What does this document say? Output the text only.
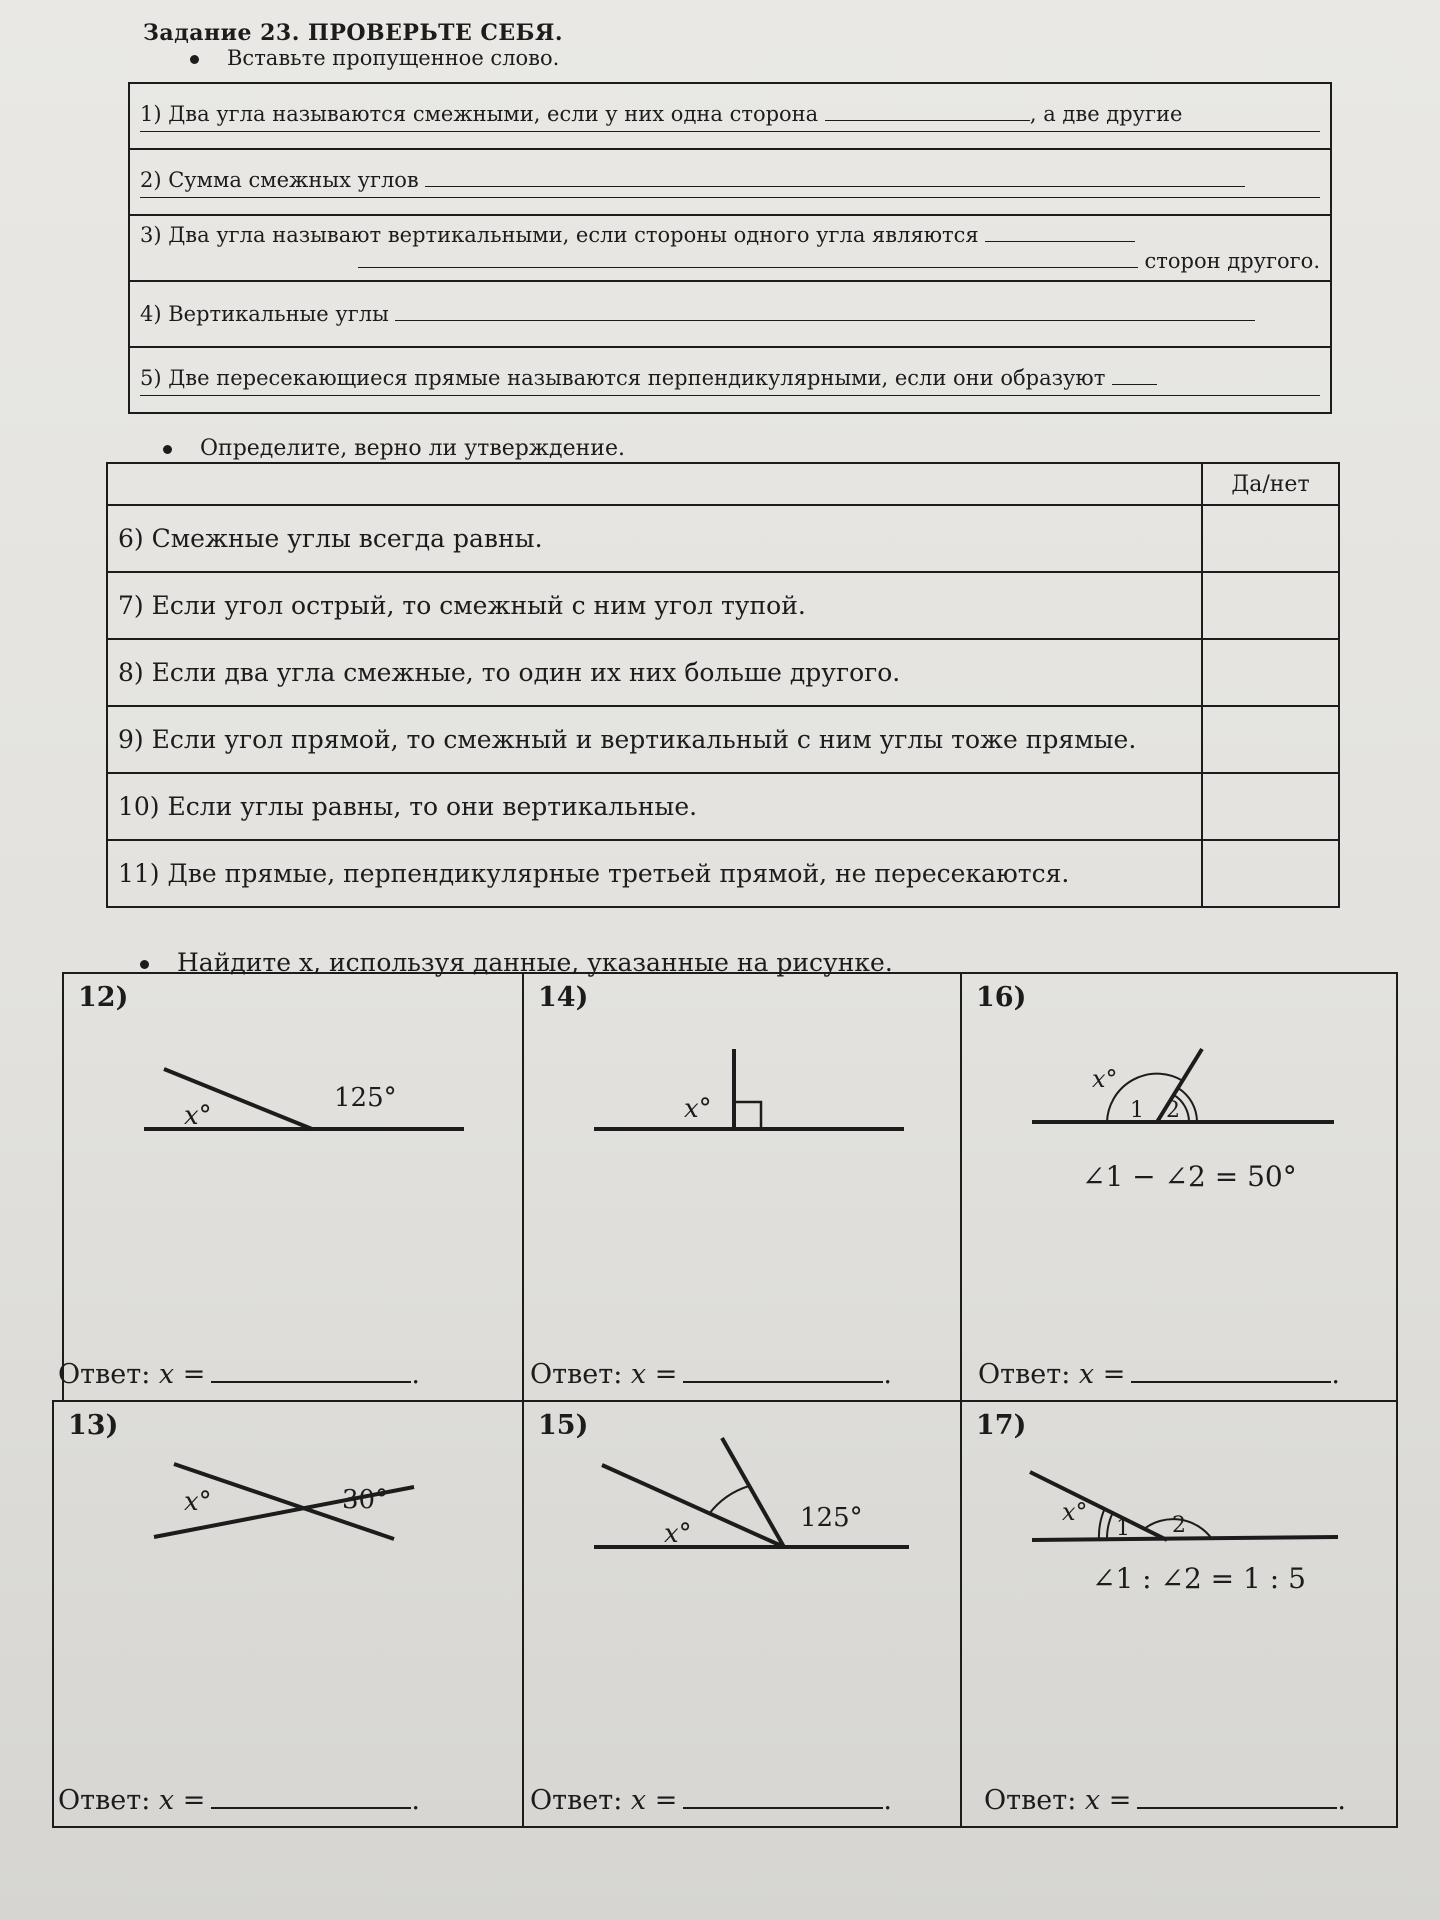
Задание 23. ПРОВЕРЬТЕ СЕБЯ.
Вставьте пропущенное слово.
1) Два угла называются смежными, если у них одна сторона	, а две другие

2) Сумма смежных углов

3) Два угла называют вертикальными, если стороны одного угла являются
сторон другого.

4) Вертикальные углы
5) Две пересекающиеся прямые называются перпендикулярными, если они образуют
Определите, верно ли утверждение.
	Да/нет
6) Смежные углы всегда равны.	
7) Если угол острый, то смежный с ним угол тупой.	
8) Если два угла смежные, то один их них больше другого.	
9) Если угол прямой, то смежный и вертикальный с ним углы тоже прямые.	
10) Если углы равны, то они вертикальные.	
11) Две прямые, перпендикулярные третьей прямой, не пересекаются.	
Найдите x, используя данные, указанные на рисунке.
12)
125°
x°
Ответ: x =	.
14)
x°
Ответ: x =	.
16)
x°
1 2
∠1 − ∠2 = 50°
Ответ: x =	.
13)
x°	30°
Ответ: x =	.
15)
x°
125°
Ответ: x =	.
17)
x°
1 2
∠1 : ∠2 = 1 : 5
Ответ: x =	.
